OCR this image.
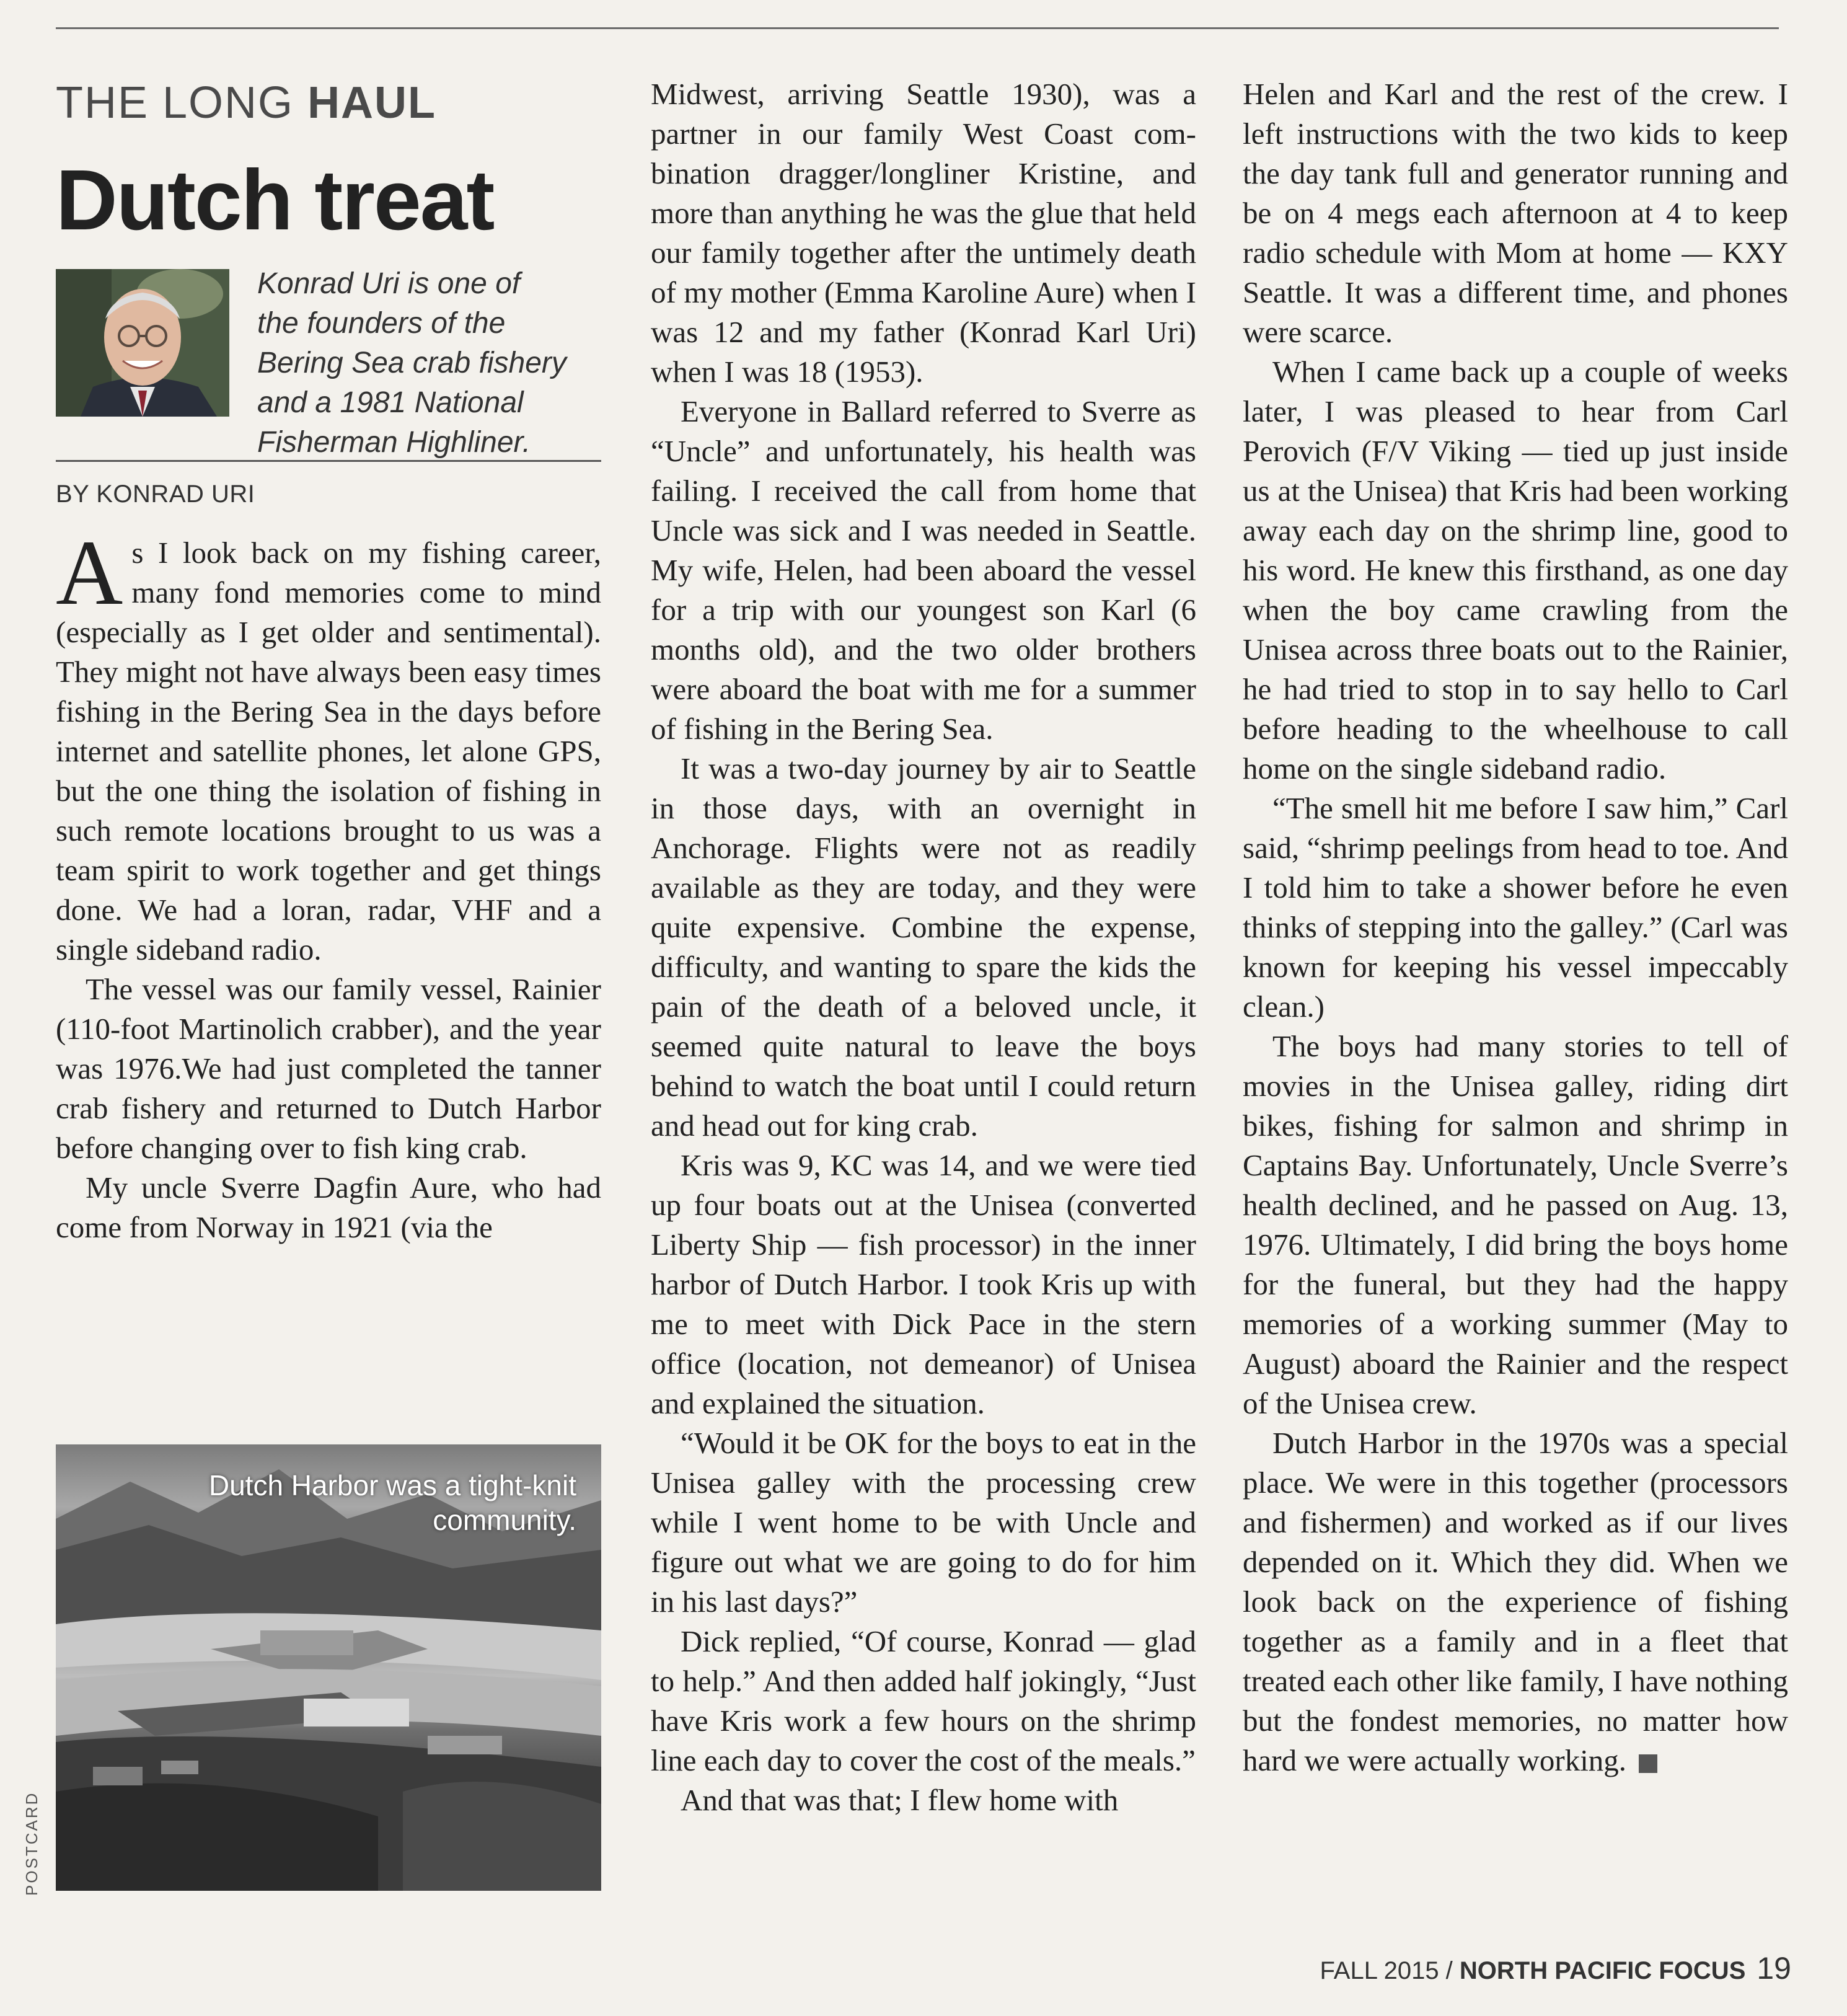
THE LONG HAUL
Dutch treat
Konrad Uri is one of
the founders of the
Bering Sea crab fishery
and a 1981 National
Fisherman Highliner.
BY KONRAD URI

As I look back on my fishing career, many fond memories come to mind (especially as I get older and sentimental). They might not have always been easy times fishing in the Bering Sea in the days before internet and satellite phones, let alone GPS, but the one thing the isolation of fishing in such remote locations brought to us was a team spirit to work together and get things done. We had a loran, radar, VHF and a single sideband radio.

The vessel was our family vessel, Rainier (110-foot Martinolich crabber), and the year was 1976.We had just completed the tanner crab fishery and returned to Dutch Harbor before changing over to fish king crab.

My uncle Sverre Dagfin Aure, who had come from Norway in 1921 (via the

Dutch Harbor was a tight-knit
community.
POSTCARD

Midwest, arriving Seattle 1930), was a partner in our family West Coast combination dragger/longliner Kristine, and more than anything he was the glue that held our family together after the untimely death of my mother (Emma Karoline Aure) when I was 12 and my father (Konrad Karl Uri) when I was 18 (1953).

Everyone in Ballard referred to Sverre as “Uncle” and unfortunately, his health was failing. I received the call from home that Uncle was sick and I was needed in Seattle. My wife, Helen, had been aboard the vessel for a trip with our youngest son Karl (6 months old), and the two older brothers were aboard the boat with me for a summer of fishing in the Bering Sea.

It was a two-day journey by air to Seattle in those days, with an overnight in Anchorage. Flights were not as readily available as they are today, and they were quite expensive. Combine the expense, difficulty, and wanting to spare the kids the pain of the death of a beloved uncle, it seemed quite natural to leave the boys behind to watch the boat until I could return and head out for king crab.

Kris was 9, KC was 14, and we were tied up four boats out at the Unisea (converted Liberty Ship — fish processor) in the inner harbor of Dutch Harbor. I took Kris up with me to meet with Dick Pace in the stern office (location, not demeanor) of Unisea and explained the situation.

“Would it be OK for the boys to eat in the Unisea galley with the processing crew while I went home to be with Uncle and figure out what we are going to do for him in his last days?”

Dick replied, “Of course, Konrad — glad to help.” And then added half jokingly, “Just have Kris work a few hours on the shrimp line each day to cover the cost of the meals.”

And that was that; I flew home with

Helen and Karl and the rest of the crew. I left instructions with the two kids to keep the day tank full and generator running and be on 4 megs each afternoon at 4 to keep radio schedule with Mom at home — KXY Seattle. It was a different time, and phones were scarce.

When I came back up a couple of weeks later, I was pleased to hear from Carl Perovich (F/V Viking — tied up just inside us at the Unisea) that Kris had been working away each day on the shrimp line, good to his word. He knew this firsthand, as one day when the boy came crawling from the Unisea across three boats out to the Rainier, he had tried to stop in to say hello to Carl before heading to the wheelhouse to call home on the single sideband radio.

“The smell hit me before I saw him,” Carl said, “shrimp peelings from head to toe. And I told him to take a shower before he even thinks of stepping into the galley.” (Carl was known for keeping his vessel impeccably clean.)

The boys had many stories to tell of movies in the Unisea galley, riding dirt bikes, fishing for salmon and shrimp in Captains Bay. Unfortunately, Uncle Sverre’s health declined, and he passed on Aug. 13, 1976. Ultimately, I did bring the boys home for the funeral, but they had the happy memories of a working summer (May to August) aboard the Rainier and the respect of the Unisea crew.

Dutch Harbor in the 1970s was a special place. We were in this together (processors and fishermen) and worked as if our lives depended on it. Which they did. When we look back on the experience of fishing together as a family and in a fleet that treated each other like family, I have nothing but the fondest memories, no matter how hard we were actually working.

FALL 2015 / NORTH PACIFIC FOCUS 19
